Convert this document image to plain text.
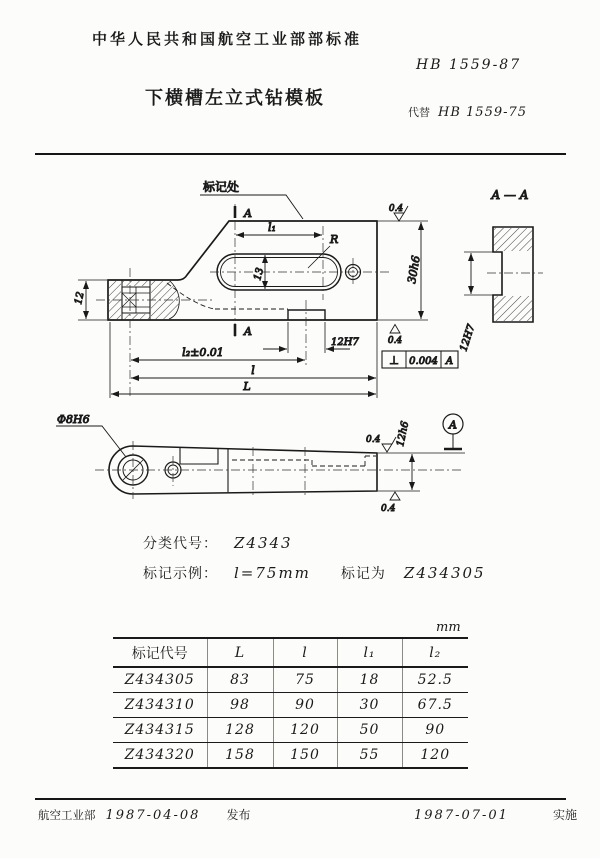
中华人民共和国航空工业部部标准
HB 1559-87
下横槽左立式钻模板
代替 HB 1559-75
A
A
标记处
13
l₁
R
12
30h6
12H7
l₂±0.01
l
L
0.4
0.4
⊥ 0.004 A
A — A
12H7
Φ8H6
0.4
0.4
12h6	A
分类代号： Z4343
标记示例： l=75mm 标记为 Z434305
mm
标记代号	L	l	l₁	l₂
Z434305	83	75	18	52.5
Z434310	98	90	30	67.5
Z434315	128	120	50	90
Z434320	158	150	55	120
航空工业部 1987-04-08 发布	1987-07-01	实施
